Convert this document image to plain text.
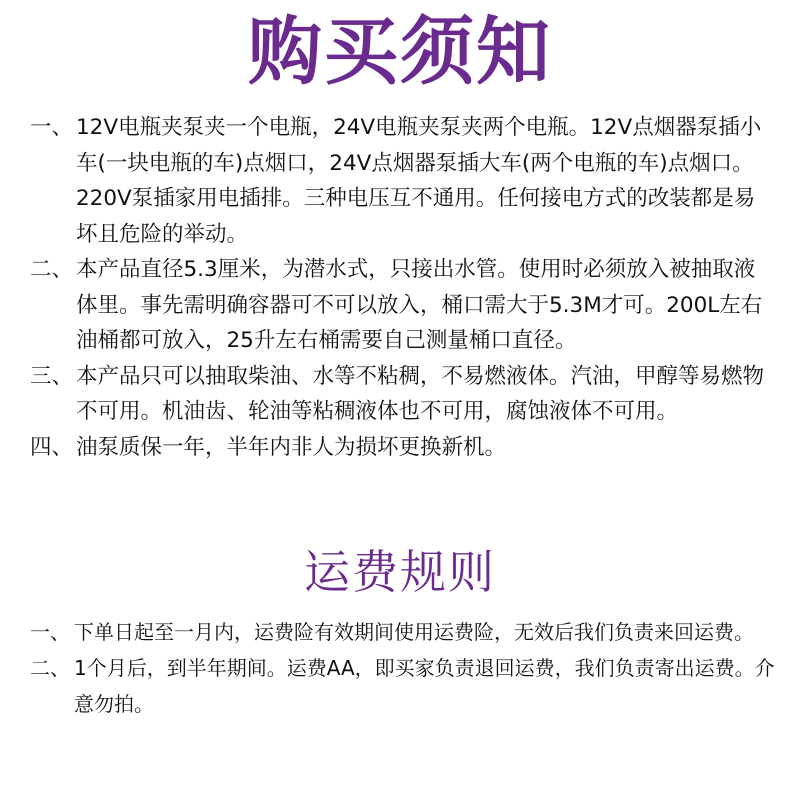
购买须知
一、 12V电瓶夹泵夹一个电瓶，24V电瓶夹泵夹两个电瓶。12V点烟器泵插小车(一块电瓶的车)点烟口，24V点烟器泵插大车(两个电瓶的车)点烟口。220V泵插家用电插排。三种电压互不通用。任何接电方式的改装都是易坏且危险的举动。
二、 本产品直径5.3厘米，为潜水式，只接出水管。使用时必须放入被抽取液体里。事先需明确容器可不可以放入，桶口需大于5.3M才可。200L左右油桶都可放入，25升左右桶需要自己测量桶口直径。
三、 本产品只可以抽取柴油、水等不粘稠，不易燃液体。汽油，甲醇等易燃物不可用。机油齿、轮油等粘稠液体也不可用，腐蚀液体不可用。
四、 油泵质保一年，半年内非人为损坏更换新机。
运费规则
一、 下单日起至一月内，运费险有效期间使用运费险，无效后我们负责来回运费。
二、 1个月后，到半年期间。运费AA，即买家负责退回运费，我们负责寄出运费。介意勿拍。
